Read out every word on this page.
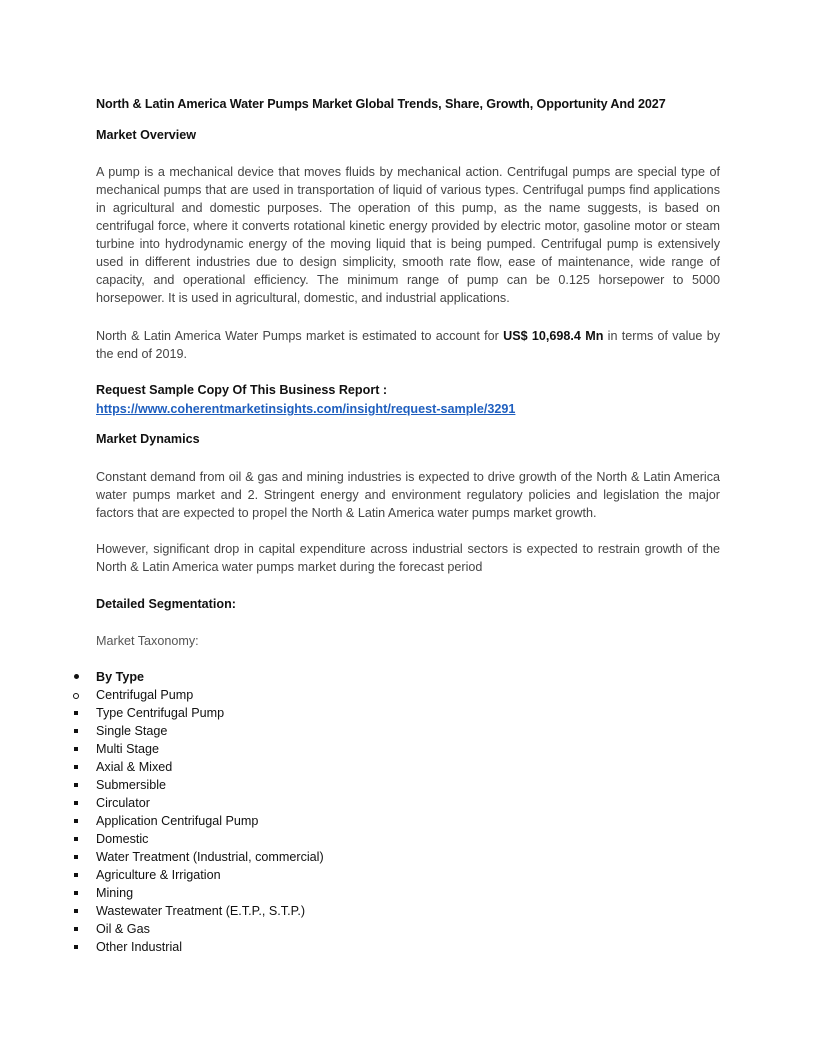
North & Latin America Water Pumps Market Global Trends, Share, Growth, Opportunity And 2027
Market Overview

A pump is a mechanical device that moves fluids by mechanical action. Centrifugal pumps are special type of mechanical pumps that are used in transportation of liquid of various types. Centrifugal pumps find applications in agricultural and domestic purposes. The operation of this pump, as the name suggests, is based on centrifugal force, where it converts rotational kinetic energy provided by electric motor, gasoline motor or steam turbine into hydrodynamic energy of the moving liquid that is being pumped. Centrifugal pump is extensively used in different industries due to design simplicity, smooth rate flow, ease of maintenance, wide range of capacity, and operational efficiency. The minimum range of pump can be 0.125 horsepower to 5000 horsepower. It is used in agricultural, domestic, and industrial applications.

North & Latin America Water Pumps market is estimated to account for US$ 10,698.4 Mn in terms of value by the end of 2019.

Request Sample Copy Of This Business Report :

https://www.coherentmarketinsights.com/insight/request-sample/3291
Market Dynamics

Constant demand from oil & gas and mining industries is expected to drive growth of the North & Latin America water pumps market and 2. Stringent energy and environment regulatory policies and legislation the major factors that are expected to propel the North & Latin America water pumps market growth.

However, significant drop in capital expenditure across industrial sectors is expected to restrain growth of the North & Latin America water pumps market during the forecast period

Detailed Segmentation:

Market Taxonomy:

By Type
Centrifugal Pump
Type Centrifugal Pump
Single Stage
Multi Stage
Axial & Mixed
Submersible
Circulator
Application Centrifugal Pump
Domestic
Water Treatment (Industrial, commercial)
Agriculture & Irrigation
Mining
Wastewater Treatment (E.T.P., S.T.P.)
Oil & Gas
Other Industrial
